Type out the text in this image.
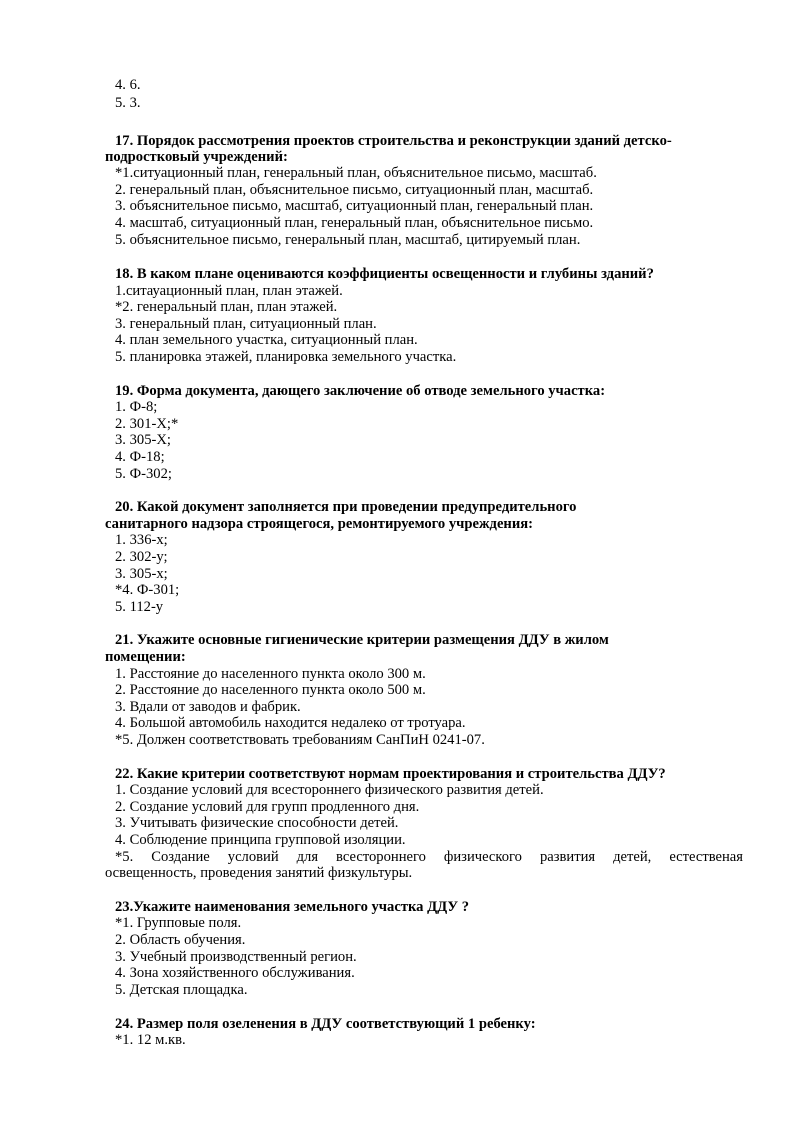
4. 6.
5. 3.
17. Порядок рассмотрения проектов строительства и реконструкции зданий детско-
подростковый учреждений:
*1.ситуационный план, генеральный план, объяснительное письмо, масштаб.
2. генеральный план, объяснительное письмо, ситуационный план, масштаб.
3. объяснительное письмо, масштаб, ситуационный план, генеральный план.
4. масштаб, ситуационный план, генеральный план, объяснительное письмо.
5. объяснительное письмо, генеральный план, масштаб, цитируемый план.
18. В каком плане оцениваются коэффициенты освещенности и глубины зданий?
1.ситауационный план, план этажей.
*2. генеральный план, план этажей.
3. генеральный план, ситуационный план.
4. план земельного участка, ситуационный план.
5. планировка этажей, планировка земельного участка.
19. Форма документа, дающего заключение об отводе земельного участка:
1. Ф-8;
2. 301-Х;*
3. 305-Х;
4. Ф-18;
5. Ф-302;
20. Какой документ заполняется при проведении предупредительного
санитарного надзора строящегося, ремонтируемого учреждения:
1. 336-х;
2. 302-у;
3. 305-х;
*4. Ф-301;
5. 112-у
21. Укажите основные гигиенические критерии размещения ДДУ в жилом
помещении:
1. Расстояние до населенного пункта около 300 м.
2. Расстояние до населенного пункта около 500 м.
3. Вдали от заводов и фабрик.
4. Большой автомобиль находится недалеко от тротуара.
*5. Должен соответствовать требованиям СанПиН 0241-07.
22. Какие критерии соответствуют нормам проектирования и строительства ДДУ?
1. Создание условий для всестороннего физического развития детей.
2. Создание условий для групп продленного дня.
3. Учитывать физические способности детей.
4. Соблюдение принципа групповой изоляции.
*5. Создание условий для всестороннего физического развития детей, естественая
освещенность, проведения занятий физкультуры.
23.Укажите наименования земельного участка ДДУ ?
*1. Групповые поля.
2. Область обучения.
3. Учебный производственный регион.
4. Зона хозяйственного обслуживания.
5. Детская площадка.
24. Размер поля озеленения в ДДУ соответствующий 1 ребенку:
*1. 12 м.кв.
